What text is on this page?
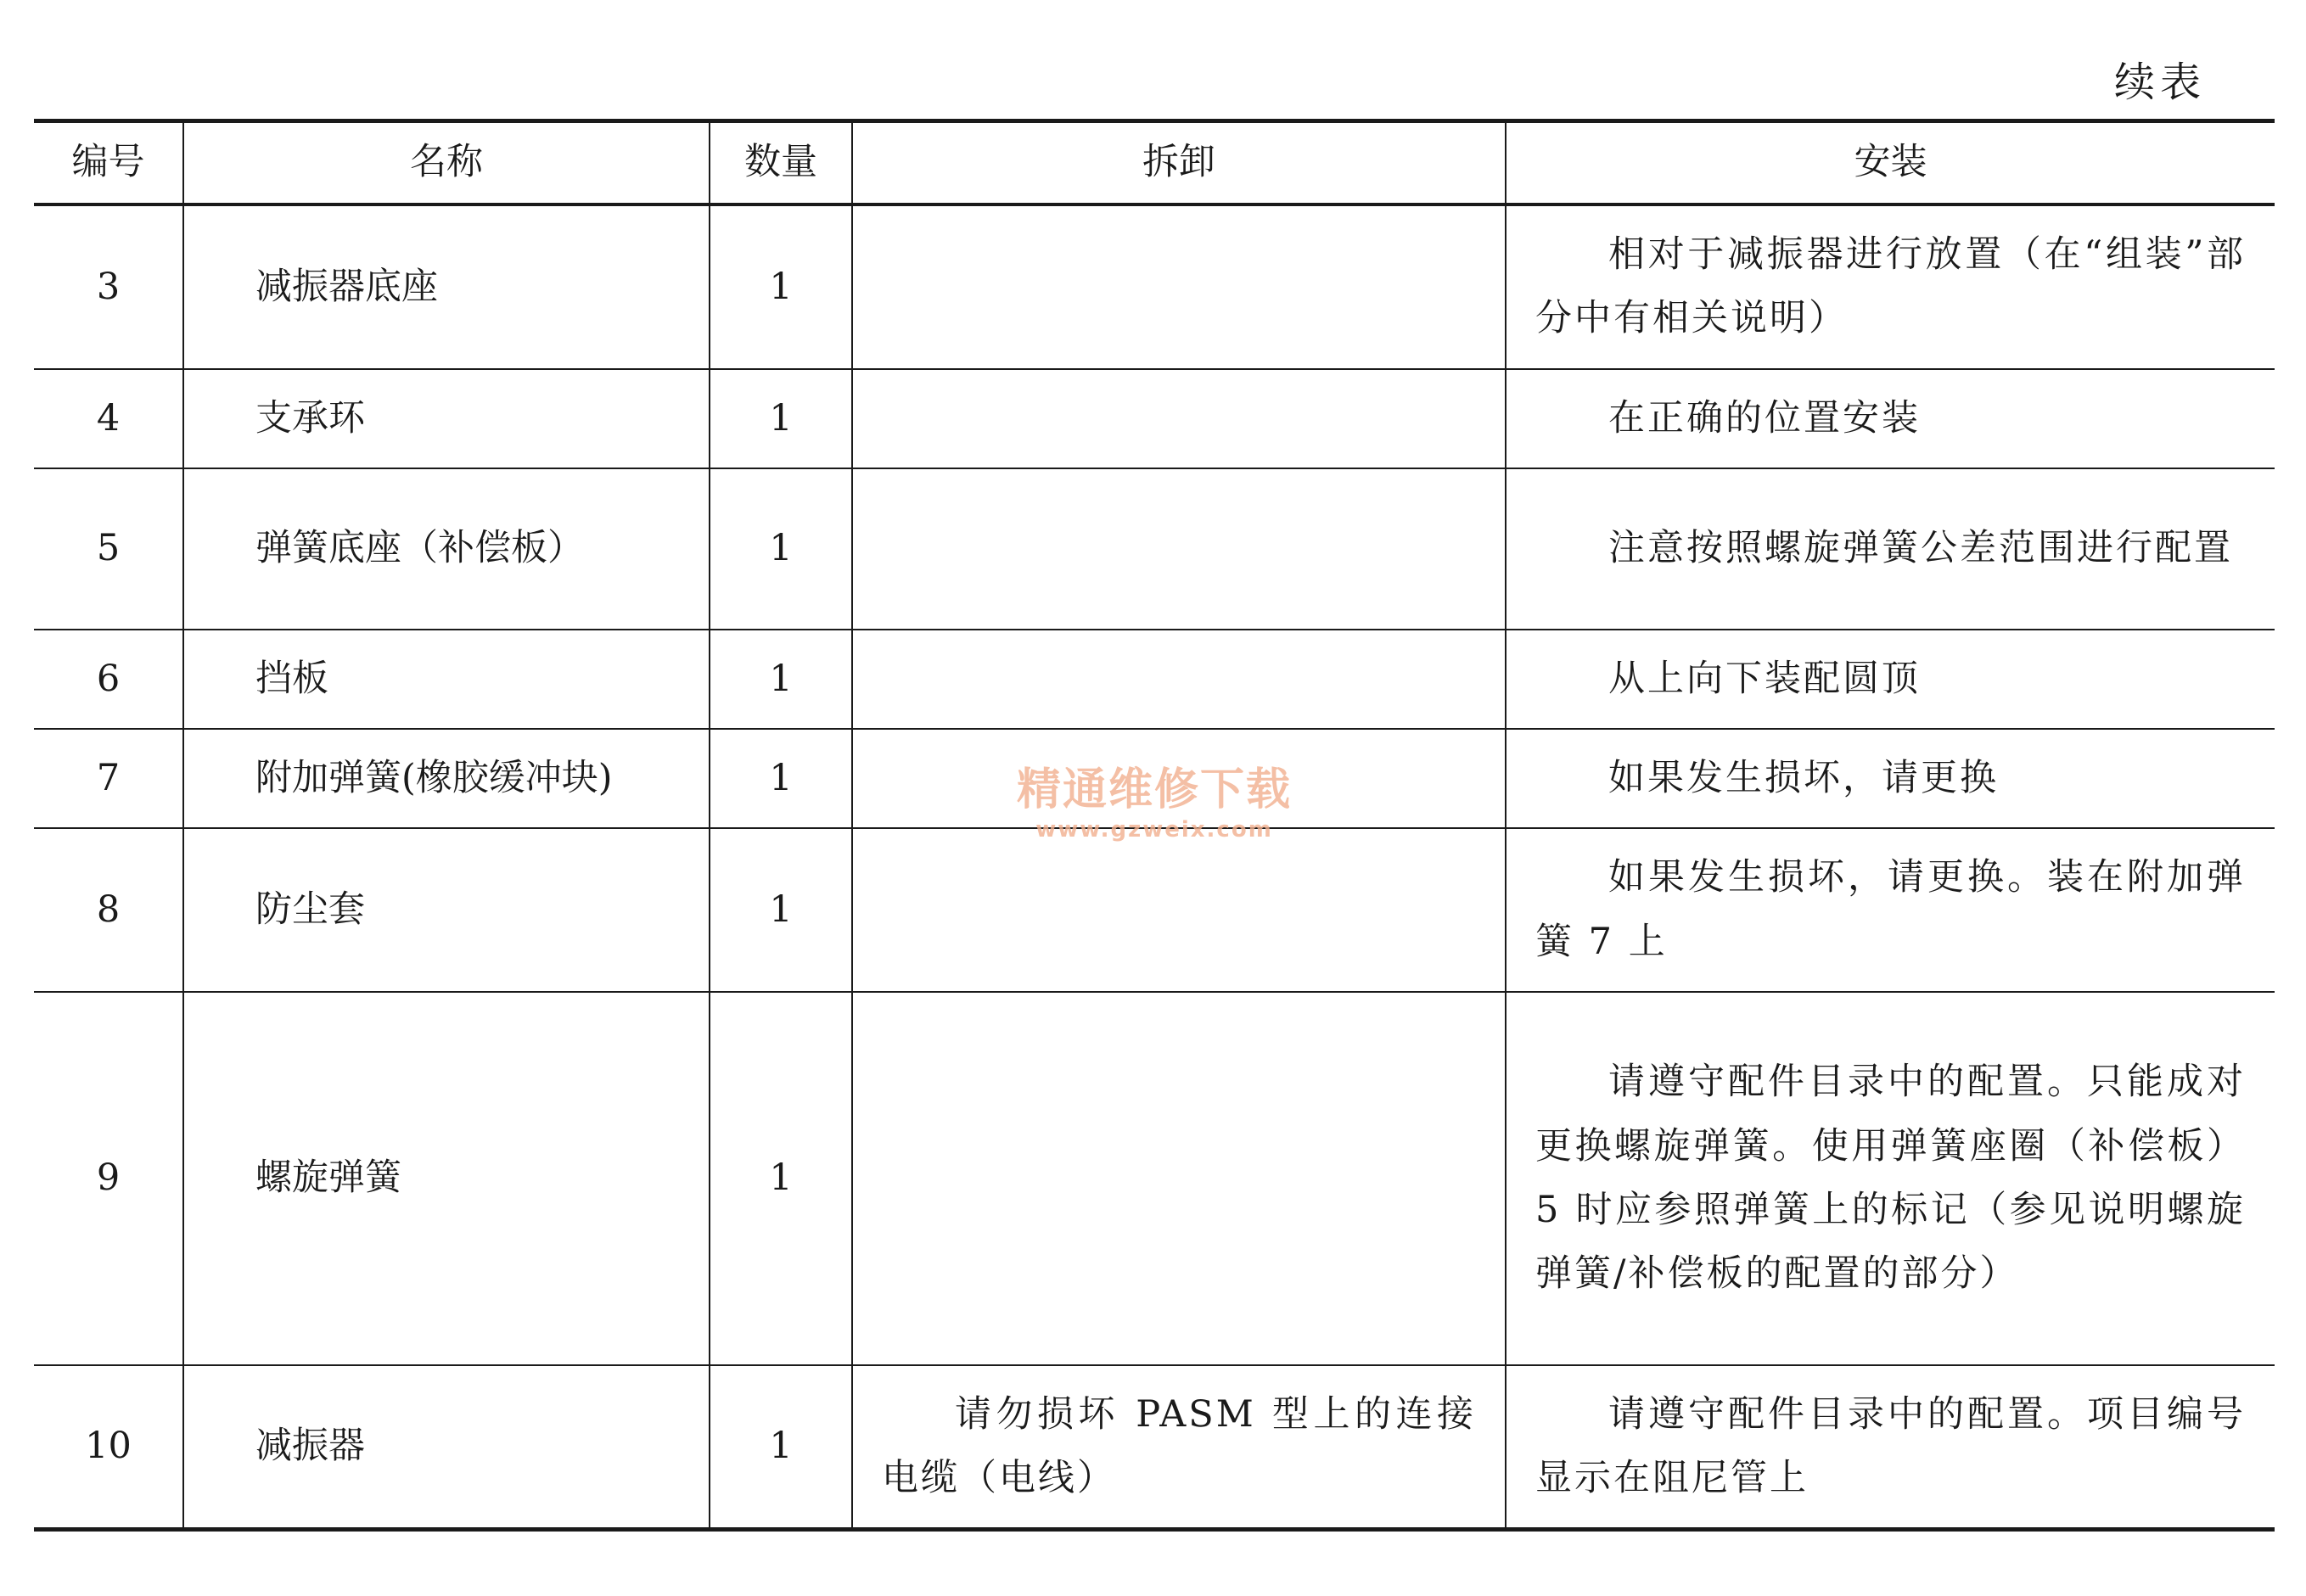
续表
编号	名称	数量	拆卸	安装
3	减振器底座	1		相对于减振器进行放置（在“组装”部分中有相关说明）

4	支承环	1		在正确的位置安装

5	弹簧底座（补偿板）	1		注意按照螺旋弹簧公差范围进行配置

6	挡板	1		从上向下装配圆顶

7	附加弹簧(橡胶缓冲块)	1		如果发生损坏，请更换

8	防尘套	1		如果发生损坏，请更换。装在附加弹簧 7 上

9	螺旋弹簧	1		请遵守配件目录中的配置。只能成对更换螺旋弹簧。使用弹簧座圈（补偿板）5 时应参照弹簧上的标记（参见说明螺旋弹簧/补偿板的配置的部分）

10	减振器	1	请勿损坏 PASM 型上的连接电缆（电线）	请遵守配件目录中的配置。项目编号显示在阻尼管上
精通维修下载
www.gzweix.com
